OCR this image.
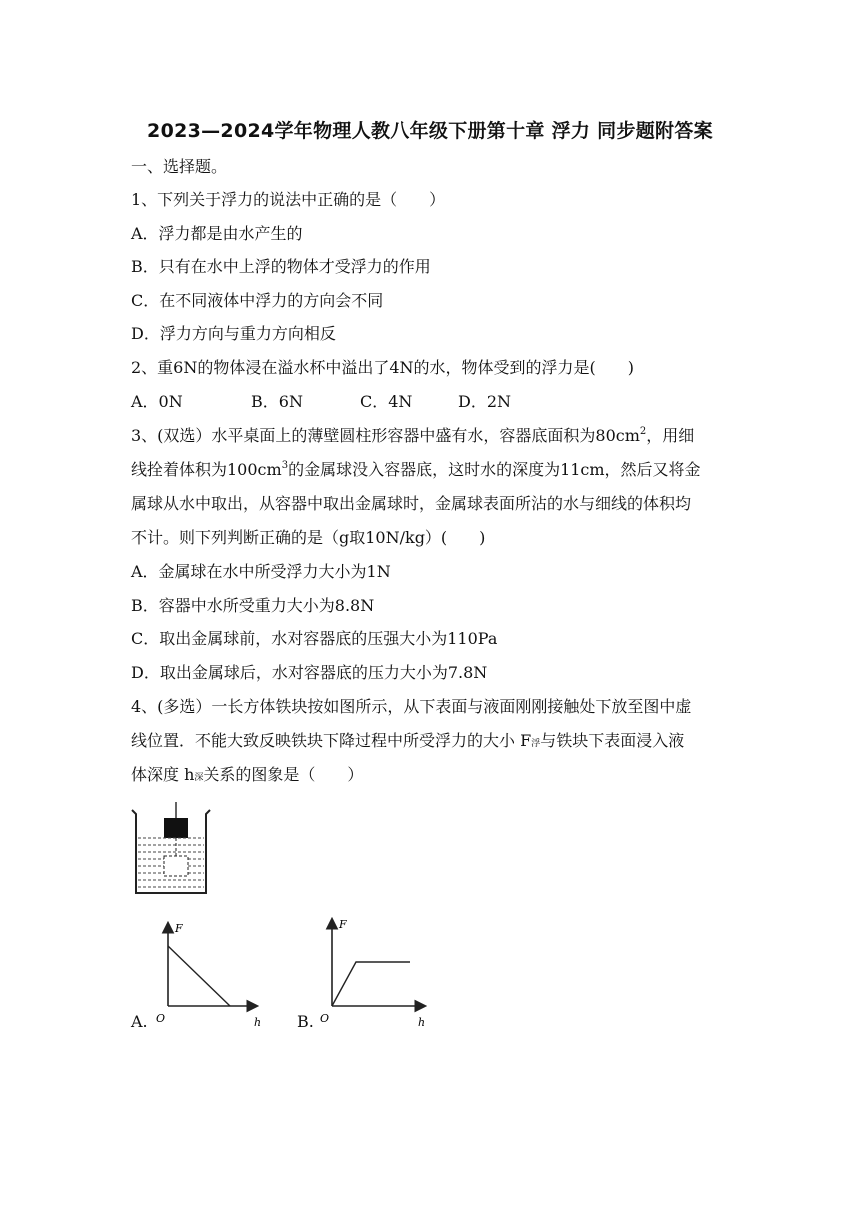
2023—2024学年物理人教八年级下册第十章 浮力 同步题附答案
一、选择题。
1、下列关于浮力的说法中正确的是（　　）
A．浮力都是由水产生的
B．只有在水中上浮的物体才受浮力的作用
C．在不同液体中浮力的方向会不同
D．浮力方向与重力方向相反
2、重6N的物体浸在溢水杯中溢出了4N的水，物体受到的浮力是(　　)
A．0N	B．6N	C．4N	D．2N
3、(双选）水平桌面上的薄壁圆柱形容器中盛有水，容器底面积为$80cm^2$，用细
线拴着体积为$100cm^3$的金属球没入容器底，这时水的深度为11cm，然后又将金
属球从水中取出，从容器中取出金属球时，金属球表面所沾的水与细线的体积均
不计。则下列判断正确的是（g取10N/kg）(　　)
A．金属球在水中所受浮力大小为1N
B．容器中水所受重力大小为8.8N
C．取出金属球前，水对容器底的压强大小为110Pa
D．取出金属球后，水对容器底的压力大小为7.8N
4、(多选）一长方体铁块按如图所示，从下表面与液面刚刚接触处下放至图中虚
线位置．不能大致反映铁块下降过程中所受浮力的大小 F浮与铁块下表面浸入液
体深度 h深关系的图象是（　　）
A.
F
O	h B.
F
O	h
